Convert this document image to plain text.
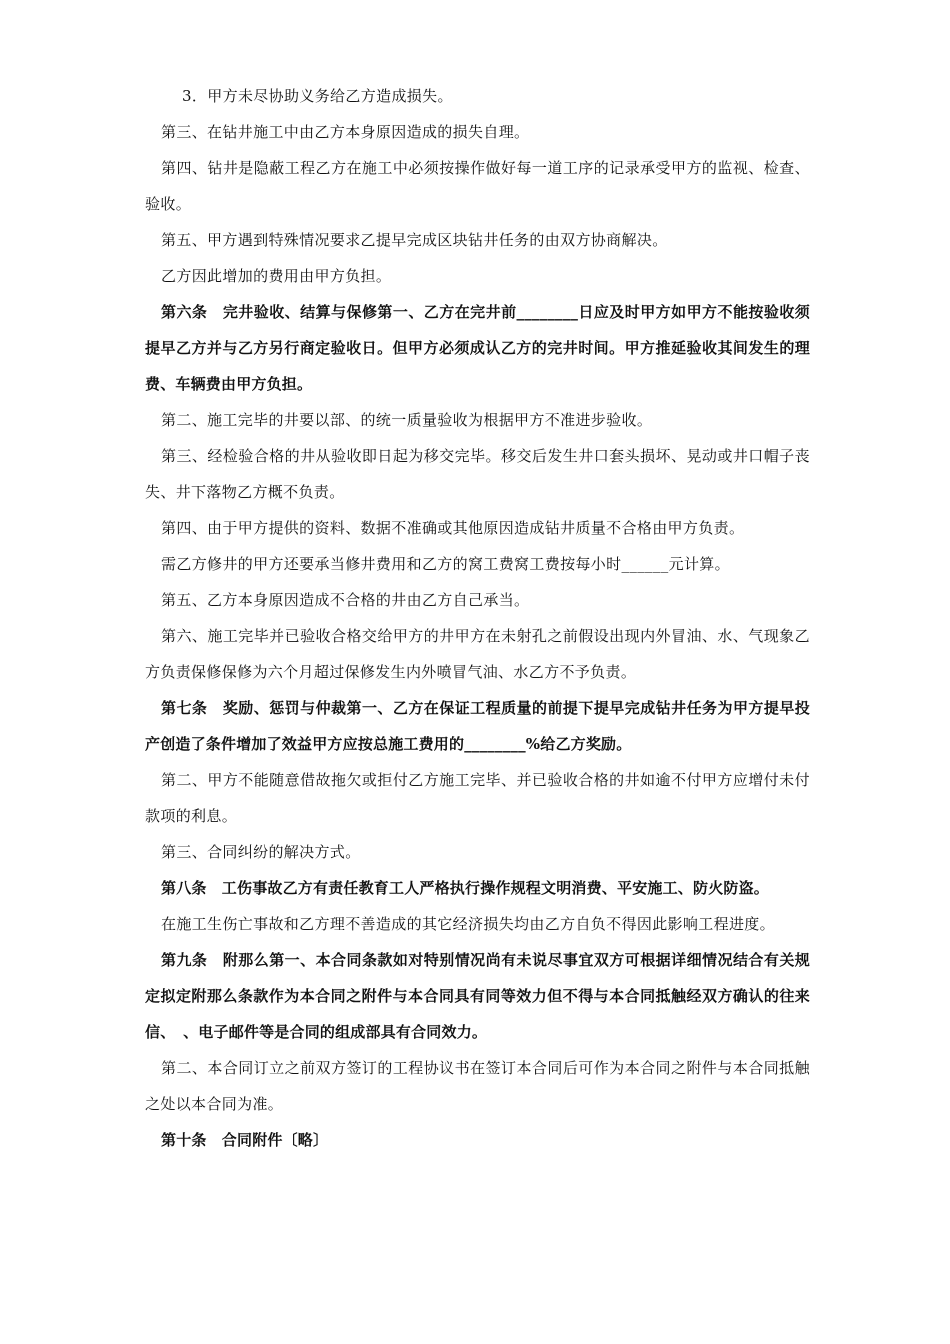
3．甲方未尽协助义务给乙方造成损失。

第三、在钻井施工中由乙方本身原因造成的损失自理。

第四、钻井是隐蔽工程乙方在施工中必须按操作做好每一道工序的记录承受甲方的监视、检查、验收。

第五、甲方遇到特殊情况要求乙提早完成区块钻井任务的由双方协商解决。

乙方因此增加的费用由甲方负担。

第六条　完井验收、结算与保修第一、乙方在完井前________日应及时甲方如甲方不能按验收须提早乙方并与乙方另行商定验收日。但甲方必须成认乙方的完井时间。甲方推延验收其间发生的理费、车辆费由甲方负担。

第二、施工完毕的井要以部、的统一质量验收为根据甲方不准进步验收。

第三、经检验合格的井从验收即日起为移交完毕。移交后发生井口套头损坏、晃动或井口帽子丧失、井下落物乙方概不负责。

第四、由于甲方提供的资料、数据不准确或其他原因造成钻井质量不合格由甲方负责。

需乙方修井的甲方还要承当修井费用和乙方的窝工费窝工费按每小时______元计算。

第五、乙方本身原因造成不合格的井由乙方自己承当。

第六、施工完毕并已验收合格交给甲方的井甲方在未射孔之前假设出现内外冒油、水、气现象乙方负责保修保修为六个月超过保修发生内外喷冒气油、水乙方不予负责。

第七条　奖励、惩罚与仲裁第一、乙方在保证工程质量的前提下提早完成钻井任务为甲方提早投产创造了条件增加了效益甲方应按总施工费用的________%给乙方奖励。

第二、甲方不能随意借故拖欠或拒付乙方施工完毕、并已验收合格的井如逾不付甲方应增付未付款项的利息。

第三、合同纠纷的解决方式。

第八条　工伤事故乙方有责任教育工人严格执行操作规程文明消费、平安施工、防火防盗。

在施工生伤亡事故和乙方理不善造成的其它经济损失均由乙方自负不得因此影响工程进度。

第九条　附那么第一、本合同条款如对特别情况尚有未说尽事宜双方可根据详细情况结合有关规定拟定附那么条款作为本合同之附件与本合同具有同等效力但不得与本合同抵触经双方确认的往来信、　、电子邮件等是合同的组成部具有合同效力。

第二、本合同订立之前双方签订的工程协议书在签订本合同后可作为本合同之附件与本合同抵触之处以本合同为准。

第十条　合同附件〔略〕
